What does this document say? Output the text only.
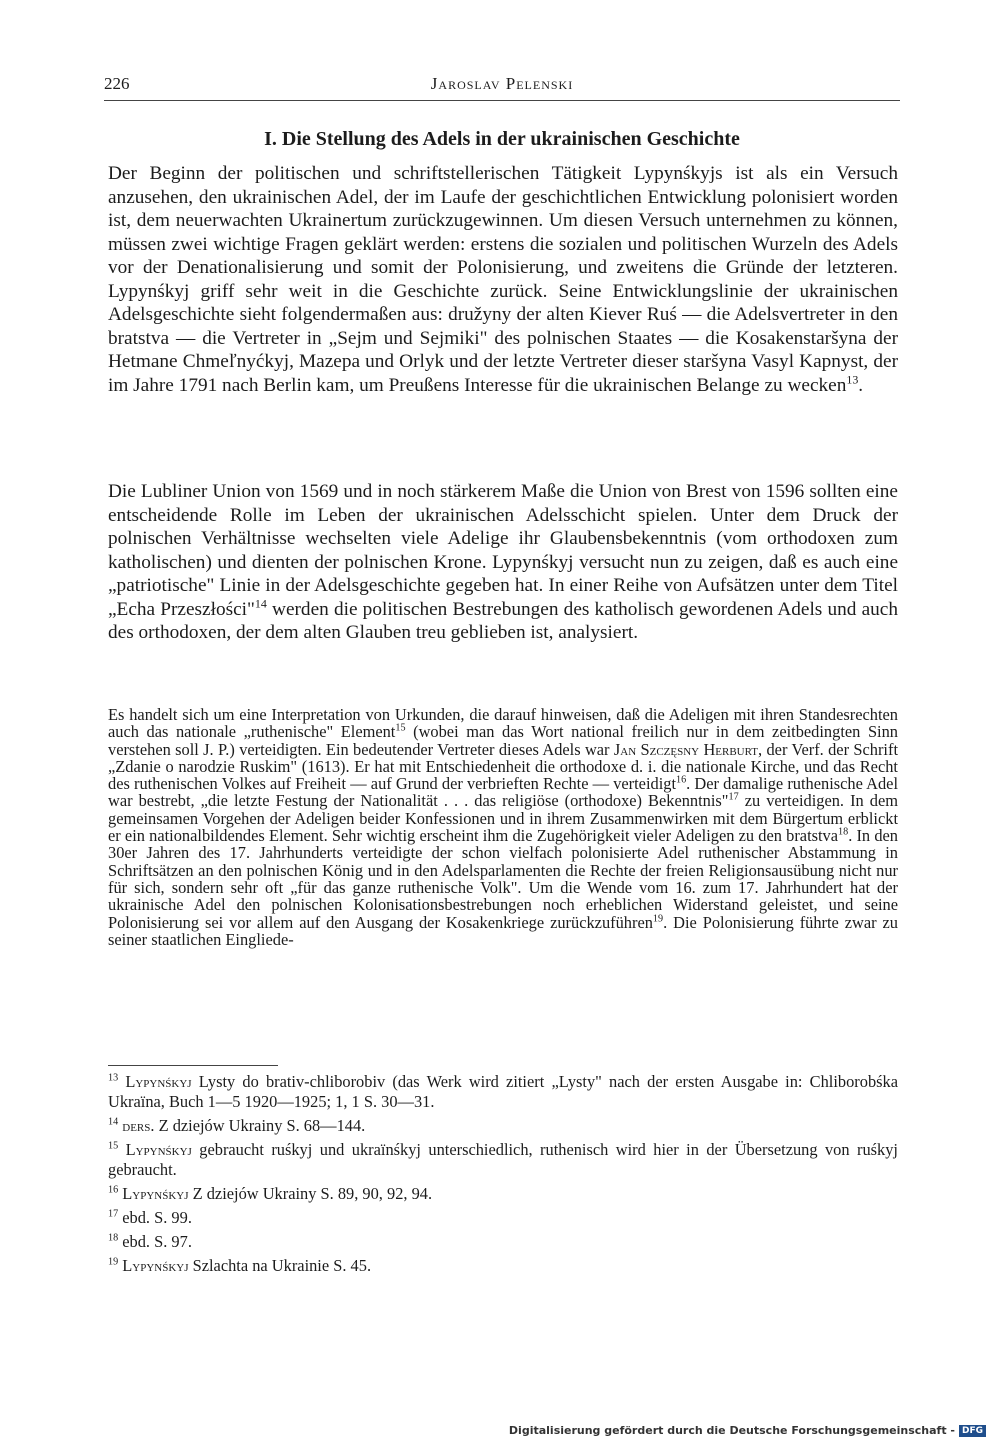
226	Jaroslav Pelenski
I. Die Stellung des Adels in der ukrainischen Geschichte

Der Beginn der politischen und schriftstellerischen Tätigkeit Lypynśkyjs ist als ein Versuch anzusehen, den ukrainischen Adel, der im Laufe der geschichtlichen Entwicklung polonisiert worden ist, dem neuerwachten Ukrainertum zurückzugewinnen. Um diesen Versuch unternehmen zu können, müssen zwei wichtige Fragen geklärt werden: erstens die sozialen und politischen Wurzeln des Adels vor der Denationalisierung und somit der Polonisierung, und zweitens die Gründe der letzteren. Lypynśkyj griff sehr weit in die Geschichte zurück. Seine Entwicklungslinie der ukrainischen Adelsgeschichte sieht folgendermaßen aus: družyny der alten Kiever Ruś — die Adelsvertreter in den bratstva — die Vertreter in „Sejm und Sejmiki" des polnischen Staates — die Kosakenstaršyna der Hetmane Chmeľnyćkyj, Mazepa und Orlyk und der letzte Vertreter dieser staršyna Vasyl Kapnyst, der im Jahre 1791 nach Berlin kam, um Preußens Interesse für die ukrainischen Belange zu wecken$^{13}$.

Die Lubliner Union von 1569 und in noch stärkerem Maße die Union von Brest von 1596 sollten eine entscheidende Rolle im Leben der ukrainischen Adelsschicht spielen. Unter dem Druck der polnischen Verhältnisse wechselten viele Adelige ihr Glaubensbekenntnis (vom orthodoxen zum katholischen) und dienten der polnischen Krone. Lypynśkyj versucht nun zu zeigen, daß es auch eine „patriotische" Linie in der Adelsgeschichte gegeben hat. In einer Reihe von Aufsätzen unter dem Titel „Echa Przeszłości"$^{14}$ werden die politischen Bestrebungen des katholisch gewordenen Adels und auch des orthodoxen, der dem alten Glauben treu geblieben ist, analysiert.

Es handelt sich um eine Interpretation von Urkunden, die darauf hinweisen, daß die Adeligen mit ihren Standesrechten auch das nationale „ruthenische" Element$^{15}$ (wobei man das Wort national freilich nur in dem zeitbedingten Sinn verstehen soll J. P.) verteidigten. Ein bedeutender Vertreter dieses Adels war Jan Szczęsny Herburt, der Verf. der Schrift „Zdanie o narodzie Ruskim" (1613). Er hat mit Entschiedenheit die orthodoxe d. i. die nationale Kirche, und das Recht des ruthenischen Volkes auf Freiheit — auf Grund der verbrieften Rechte — verteidigt$^{16}$. Der damalige ruthenische Adel war bestrebt, „die letzte Festung der Nationalität . . . das religiöse (orthodoxe) Bekenntnis"$^{17}$ zu verteidigen. In dem gemeinsamen Vorgehen der Adeligen beider Konfessionen und in ihrem Zusammenwirken mit dem Bürgertum erblickt er ein nationalbildendes Element. Sehr wichtig erscheint ihm die Zugehörigkeit vieler Adeligen zu den bratstva$^{18}$. In den 30er Jahren des 17. Jahrhunderts verteidigte der schon vielfach polonisierte Adel ruthenischer Abstammung in Schriftsätzen an den polnischen König und in den Adelsparlamenten die Rechte der freien Religionsausübung nicht nur für sich, sondern sehr oft „für das ganze ruthenische Volk". Um die Wende vom 16. zum 17. Jahrhundert hat der ukrainische Adel den polnischen Kolonisationsbestrebungen noch erheblichen Widerstand geleistet, und seine Polonisierung sei vor allem auf den Ausgang der Kosakenkriege zurückzuführen$^{19}$. Die Polonisierung führte zwar zu seiner staatlichen Eingliede-

$^{13}$ Lypynśkyj Lysty do brativ-chliborobiv (das Werk wird zitiert „Lysty" nach der ersten Ausgabe in: Chliborobśka Ukraïna, Buch 1—5 1920—1925; 1, 1 S. 30—31.
$^{14}$ ders. Z dziejów Ukrainy S. 68—144.
$^{15}$ Lypynśkyj gebraucht ruśkyj und ukraïnśkyj unterschiedlich, ruthenisch wird hier in der Übersetzung von ruśkyj gebraucht.
$^{16}$ Lypynśkyj Z dziejów Ukrainy S. 89, 90, 92, 94.
$^{17}$ ebd. S. 99.
$^{18}$ ebd. S. 97.
$^{19}$ Lypynśkyj Szlachta na Ukrainie S. 45.
Digitalisierung gefördert durch die Deutsche Forschungsgemeinschaft - DFG
